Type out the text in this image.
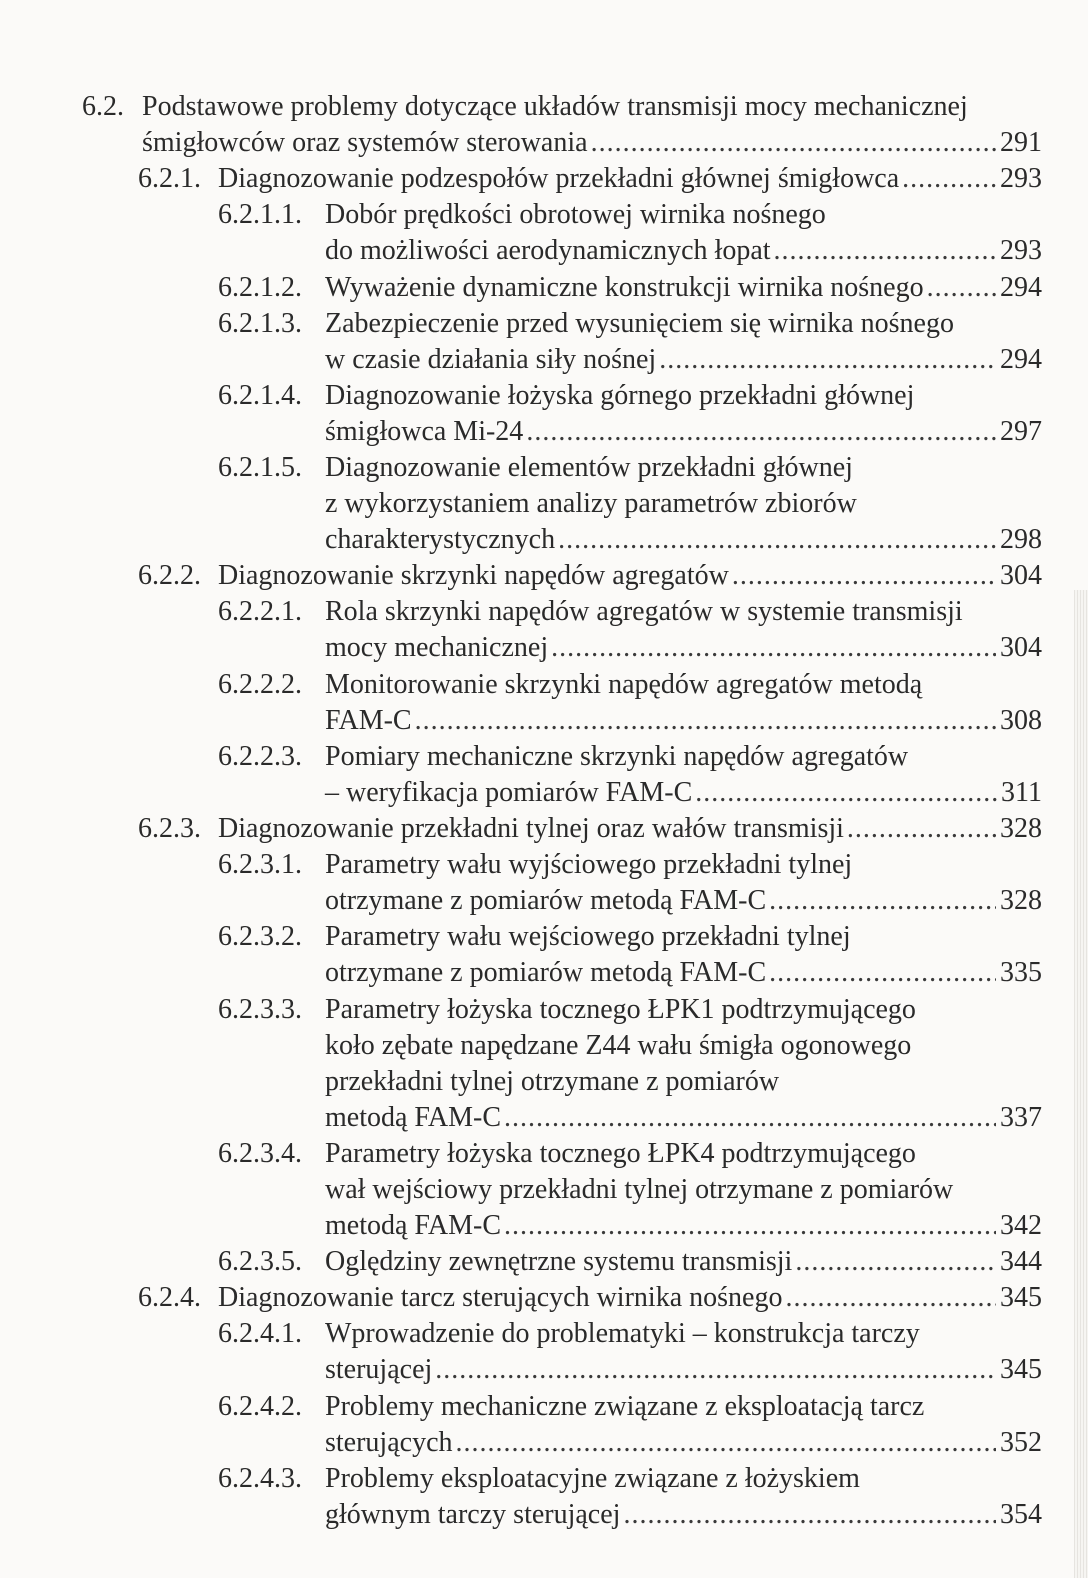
6.2. Podstawowe problemy dotyczące układów transmisji mocy mechanicznej
śmigłowców oraz systemów sterowania .....	291
6.2.1. Diagnozowanie podzespołów przekładni głównej śmigłowca .....	293
6.2.1.1. Dobór prędkości obrotowej wirnika nośnego
do możliwości aerodynamicznych łopat .....	293
6.2.1.2. Wyważenie dynamiczne konstrukcji wirnika nośnego .....	294
6.2.1.3. Zabezpieczenie przed wysunięciem się wirnika nośnego
w czasie działania siły nośnej .....	294
6.2.1.4. Diagnozowanie łożyska górnego przekładni głównej
śmigłowca Mi-24 .....	297
6.2.1.5. Diagnozowanie elementów przekładni głównej
z wykorzystaniem analizy parametrów zbiorów
charakterystycznych .....	298
6.2.2. Diagnozowanie skrzynki napędów agregatów .....	304
6.2.2.1. Rola skrzynki napędów agregatów w systemie transmisji
mocy mechanicznej .....	304
6.2.2.2. Monitorowanie skrzynki napędów agregatów metodą
FAM-C .....	308
6.2.2.3. Pomiary mechaniczne skrzynki napędów agregatów
– weryfikacja pomiarów FAM-C .....	311
6.2.3. Diagnozowanie przekładni tylnej oraz wałów transmisji .....	328
6.2.3.1. Parametry wału wyjściowego przekładni tylnej
otrzymane z pomiarów metodą FAM-C .....	328
6.2.3.2. Parametry wału wejściowego przekładni tylnej
otrzymane z pomiarów metodą FAM-C .....	335
6.2.3.3. Parametry łożyska tocznego ŁPK1 podtrzymującego
koło zębate napędzane Z44 wału śmigła ogonowego
przekładni tylnej otrzymane z pomiarów
metodą FAM-C .....	337
6.2.3.4. Parametry łożyska tocznego ŁPK4 podtrzymującego
wał wejściowy przekładni tylnej otrzymane z pomiarów
metodą FAM-C .....	342
6.2.3.5. Oględziny zewnętrzne systemu transmisji .....	344
6.2.4. Diagnozowanie tarcz sterujących wirnika nośnego .....	345
6.2.4.1. Wprowadzenie do problematyki – konstrukcja tarczy
sterującej .....	345
6.2.4.2. Problemy mechaniczne związane z eksploatacją tarcz
sterujących .....	352
6.2.4.3. Problemy eksploatacyjne związane z łożyskiem
głównym tarczy sterującej .....	354
